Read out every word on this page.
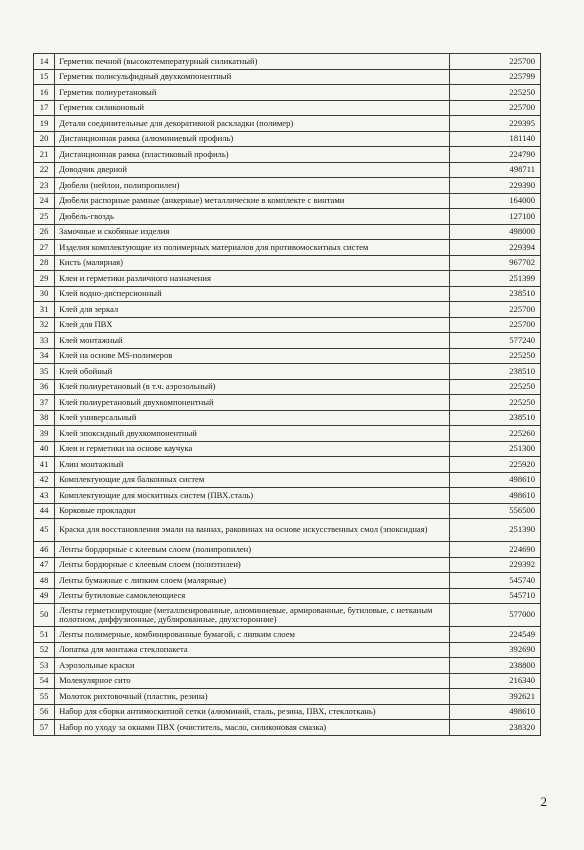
14	Герметик печной (высокотемпературный силикатный)	225700
15	Герметик полисульфидный двухкомпонентный	225799
16	Герметик полиуретановый	225250
17	Герметик силиконовый	225700
19	Детали соединительные для декоративной раскладки (полимер)	229395
20	Дистанционная рамка (алюминиевый профиль)	181140
21	Дистанционная рамка (пластиковый профиль)	224790
22	Доводчик дверной	498711
23	Дюбели (нейлон, полипропилен)	229390
24	Дюбели распорные рамные (анкерные) металлические в комплекте с винтами	164000
25	Дюбель-гвоздь	127100
26	Замочные и скобяные изделия	498000
27	Изделия комплектующие из полимерных материалов для противомоскитных систем	229394
28	Кисть (малярная)	967702
29	Клеи и герметики различного назначения	251399
30	Клей водно-дисперсионный	238510
31	Клей для зеркал	225700
32	Клей для ПВХ	225700
33	Клей монтажный	577240
34	Клей на основе MS-полимеров	225250
35	Клей обойный	238510
36	Клей полиуретановый (в т.ч. аэрозольный)	225250
37	Клей полиуретановый двухкомпонентный	225250
38	Клей универсальный	238510
39	Клей эпоксидный двухкомпонентный	225260
40	Клеи и герметики на основе каучука	251300
41	Клин монтажный	225920
42	Комплектующие для балконных систем	498610
43	Комплектующие для москитных систем (ПВХ.сталь)	498610
44	Корковые прокладки	556500
45	Краска для восстановления эмали на ваннах, раковинах на основе искусственных смол (эпоксидная)	251390
46	Ленты бордюрные с клеевым слоем (полипропилен)	224690
47	Ленты бордюрные с клеевым слоем (полиэтилен)	229392
48	Ленты бумажные с липким слоем (малярные)	545740
49	Ленты бутиловые самоклеющиеся	545710
50	Ленты герметизирующие (металлизированные, алюминиевые, армированные, бутиловые, с нетканым полотном, диффузионные, дублированные, двухсторонние)	577000
51	Ленты полимерные, комбинированные бумагой, с липким слоем	224549
52	Лопатка для монтажа стеклопакета	392690
53	Аэрозольные краски	238800
54	Молекулярное сито	216340
55	Молоток рихтовочный (пластик, резина)	392621
56	Набор для сборки антимоскитной сетки (алюминий, сталь, резина, ПВХ, стеклоткань)	498610
57	Набор по уходу за окнами ПВХ (очиститель, масло, силиконовая смазка)	238320
2
